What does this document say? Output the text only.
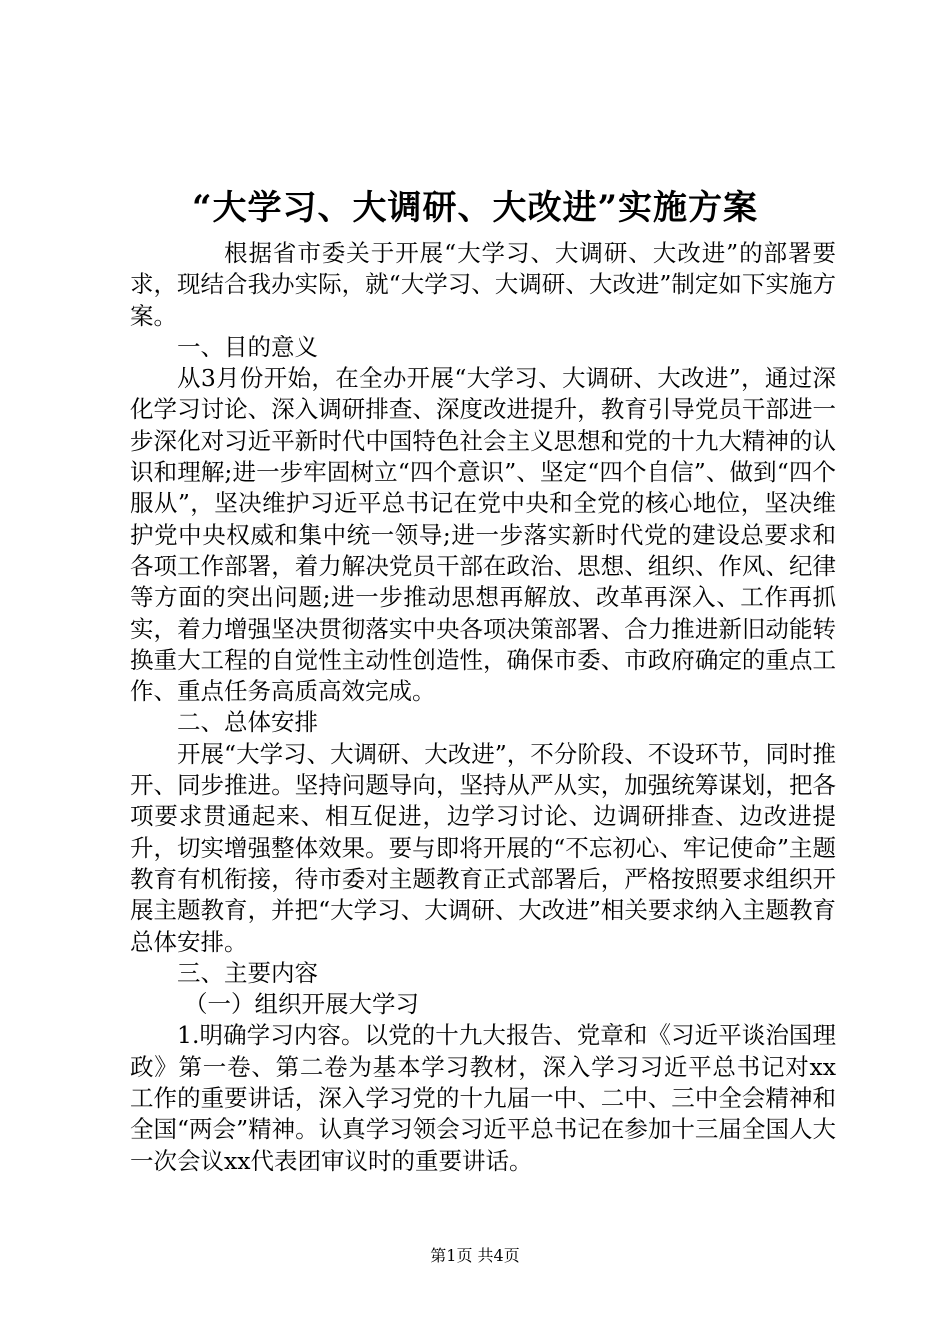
“大学习、大调研、大改进”实施方案

根据省市委关于开展“大学习、大调研、大改进”的部署要求，现结合我办实际，就“大学习、大调研、大改进”制定如下实施方案。

一、目的意义

从3月份开始，在全办开展“大学习、大调研、大改进”，通过深化学习讨论、深入调研排查、深度改进提升，教育引导党员干部进一步深化对习近平新时代中国特色社会主义思想和党的十九大精神的认识和理解;进一步牢固树立“四个意识”、坚定“四个自信”、做到“四个服从”，坚决维护习近平总书记在党中央和全党的核心地位，坚决维护党中央权威和集中统一领导;进一步落实新时代党的建设总要求和各项工作部署，着力解决党员干部在政治、思想、组织、作风、纪律等方面的突出问题;进一步推动思想再解放、改革再深入、工作再抓实，着力增强坚决贯彻落实中央各项决策部署、合力推进新旧动能转换重大工程的自觉性主动性创造性，确保市委、市政府确定的重点工作、重点任务高质高效完成。

二、总体安排

开展“大学习、大调研、大改进”，不分阶段、不设环节，同时推开、同步推进。坚持问题导向，坚持从严从实，加强统筹谋划，把各项要求贯通起来、相互促进，边学习讨论、边调研排查、边改进提升，切实增强整体效果。要与即将开展的“不忘初心、牢记使命”主题教育有机衔接，待市委对主题教育正式部署后，严格按照要求组织开展主题教育，并把“大学习、大调研、大改进”相关要求纳入主题教育总体安排。

三、主要内容

（一）组织开展大学习

1.明确学习内容。以党的十九大报告、党章和《习近平谈治国理政》第一卷、第二卷为基本学习教材，深入学习习近平总书记对xx工作的重要讲话，深入学习党的十九届一中、二中、三中全会精神和全国“两会”精神。认真学习领会习近平总书记在参加十三届全国人大一次会议xx代表团审议时的重要讲话。

第1页 共4页
